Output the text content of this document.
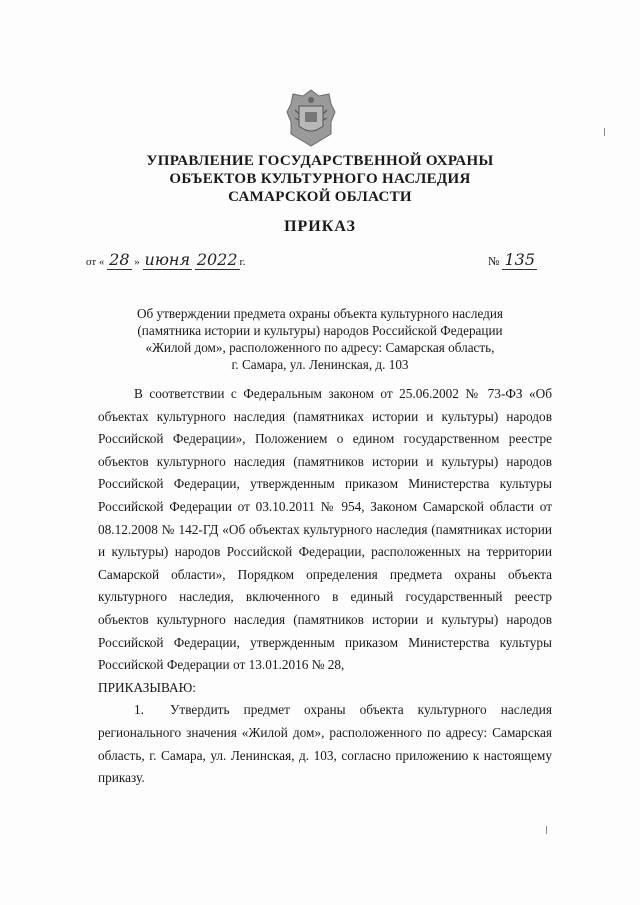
УПРАВЛЕНИЕ ГОСУДАРСТВЕННОЙ ОХРАНЫ
ОБЪЕКТОВ КУЛЬТУРНОГО НАСЛЕДИЯ
САМАРСКОЙ ОБЛАСТИ
ПРИКАЗ
от « 28 » июня 2022 г.	№ 135
Об утверждении предмета охраны объекта культурного наследия
(памятника истории и культуры) народов Российской Федерации
«Жилой дом», расположенного по адресу: Самарская область,
г. Самара, ул. Ленинская, д. 103

В соответствии с Федеральным законом от 25.06.2002 № 73-ФЗ «Об объектах культурного наследия (памятниках истории и культуры) народов Российской Федерации», Положением о едином государственном реестре объектов культурного наследия (памятников истории и культуры) народов Российской Федерации, утвержденным приказом Министерства культуры Российской Федерации от 03.10.2011 № 954, Законом Самарской области от 08.12.2008 № 142-ГД «Об объектах культурного наследия (памятниках истории и культуры) народов Российской Федерации, расположенных на территории Самарской области», Порядком определения предмета охраны объекта культурного наследия, включенного в единый государственный реестр объектов культурного наследия (памятников истории и культуры) народов Российской Федерации, утвержденным приказом Министерства культуры Российской Федерации от 13.01.2016 № 28,

ПРИКАЗЫВАЮ:

1. Утвердить предмет охраны объекта культурного наследия регионального значения «Жилой дом», расположенного по адресу: Самарская область, г. Самара, ул. Ленинская, д. 103, согласно приложению к настоящему приказу.
